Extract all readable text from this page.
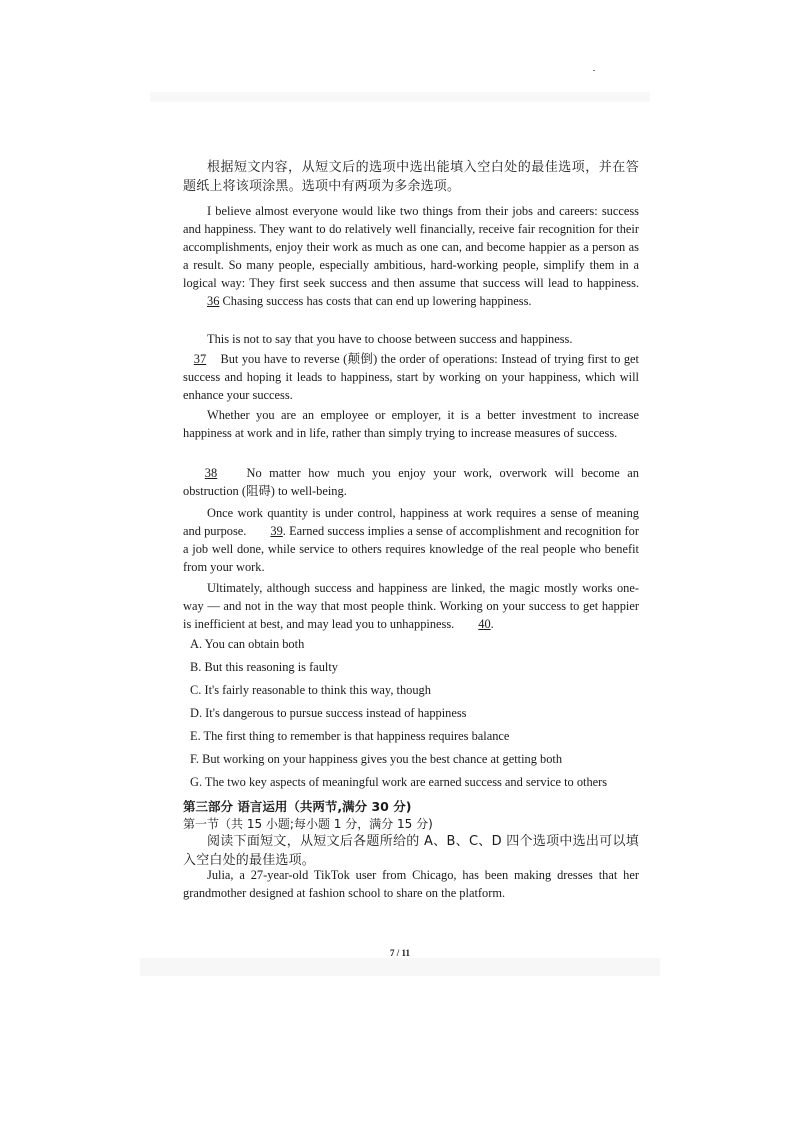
根据短文内容，从短文后的选项中选出能填入空白处的最佳选项，并在答题纸上将该项涂黑。选项中有两项为多余选项。
I believe almost everyone would like two things from their jobs and careers: success and happiness. They want to do relatively well financially, receive fair recognition for their accomplishments, enjoy their work as much as one can, and become happier as a person as a result. So many people, especially ambitious, hard-working people, simplify them in a logical way: They first seek success and then assume that success will lead to happiness.36 Chasing success has costs that can end up lowering happiness.
This is not to say that you have to choose between success and happiness.
37 But you have to reverse (颠倒) the order of operations: Instead of trying first to get success and hoping it leads to happiness, start by working on your happiness, which will enhance your success.
Whether you are an employee or employer, it is a better investment to increase happiness at work and in life, rather than simply trying to increase measures of success.
38 No matter how much you enjoy your work, overwork will become an obstruction (阻碍) to well-being.
Once work quantity is under control, happiness at work requires a sense of meaning and purpose. 39. Earned success implies a sense of accomplishment and recognition for a job well done, while service to others requires knowledge of the real people who benefit from your work.
Ultimately, although success and happiness are linked, the magic mostly works one-way — and not in the way that most people think. Working on your success to get happier is inefficient at best, and may lead you to unhappiness. 40.
A. You can obtain both
B. But this reasoning is faulty
C. It's fairly reasonable to think this way, though
D. It's dangerous to pursue success instead of happiness
E. The first thing to remember is that happiness requires balance
F. But working on your happiness gives you the best chance at getting both
G. The two key aspects of meaningful work are earned success and service to others
第三部分 语言运用（共两节,满分 30 分)
第一节（共 15 小题;每小题 1 分，满分 15 分)
阅读下面短文，从短文后各题所给的 A、B、C、D 四个选项中选出可以填入空白处的最佳选项。
Julia, a 27-year-old TikTok user from Chicago, has been making dresses that her grandmother designed at fashion school to share on the platform.
7 / 11
